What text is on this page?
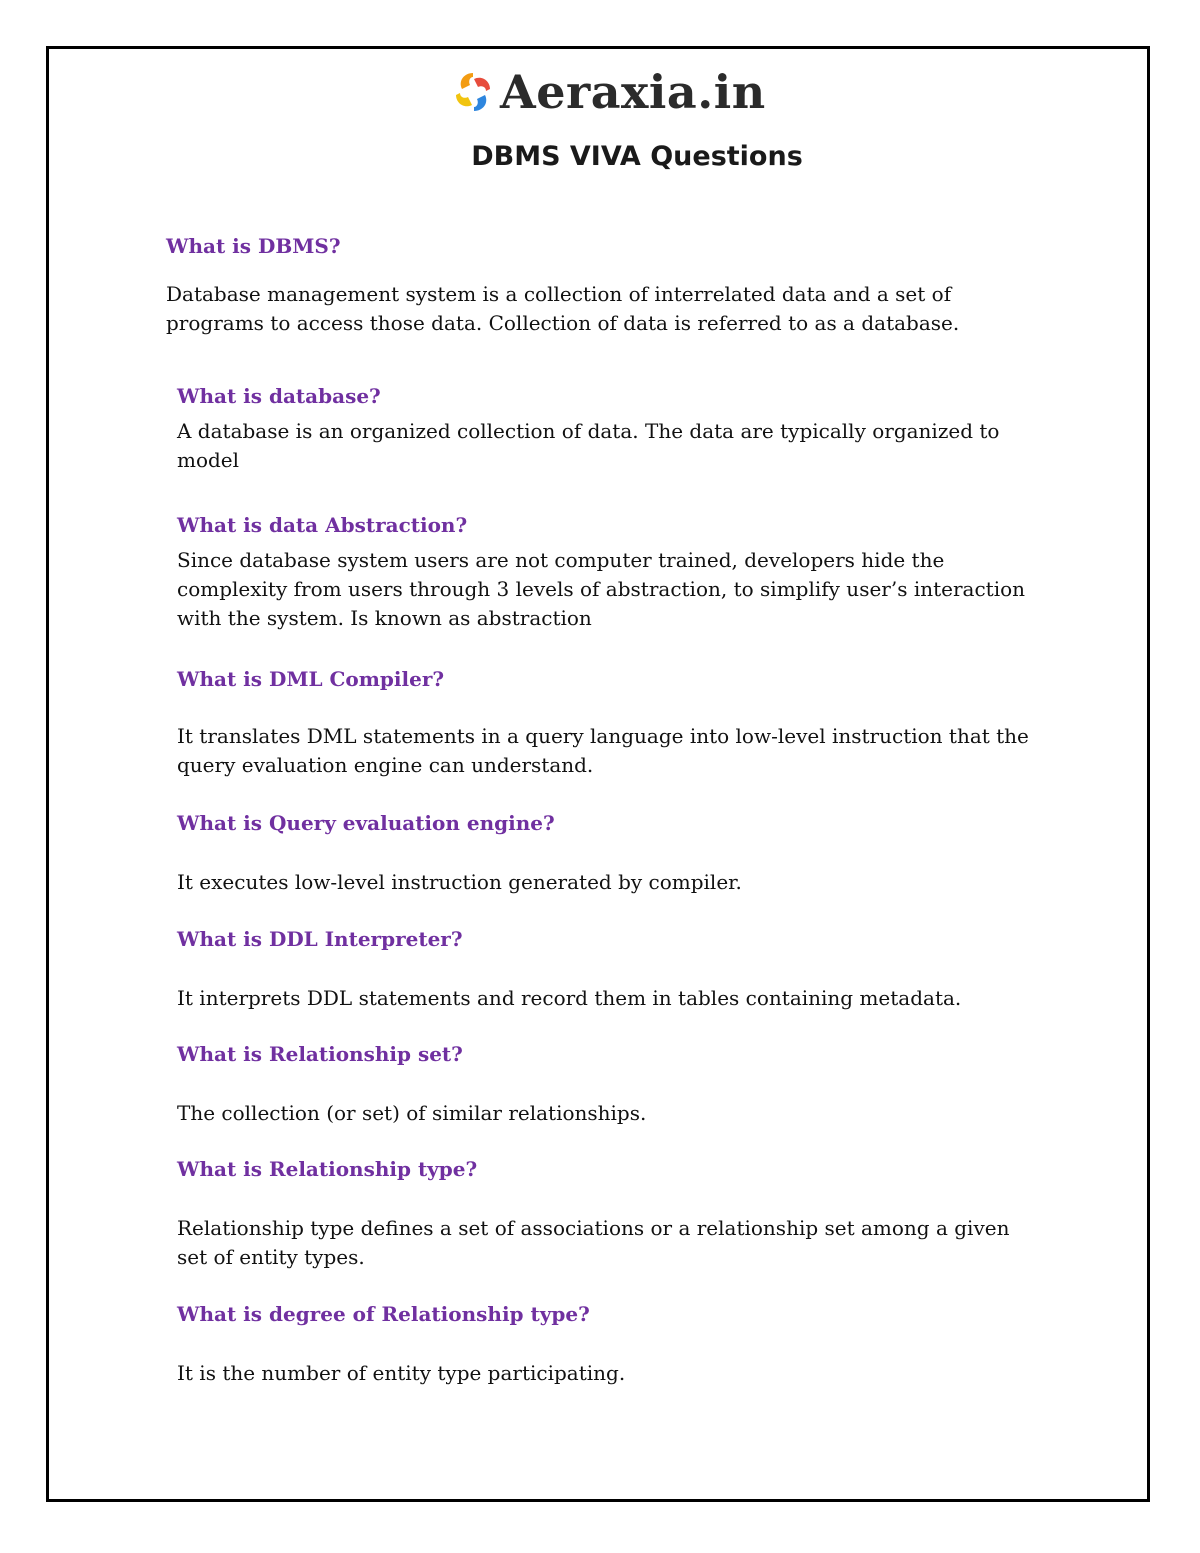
Aeraxia.in
DBMS VIVA Questions
What is DBMS?
Database management system is a collection of interrelated data and a set of programs to access those data. Collection of data is referred to as a database.
What is database?
A database is an organized collection of data. The data are typically organized to model
What is data Abstraction?
Since database system users are not computer trained, developers hide the complexity from users through 3 levels of abstraction, to simplify user’s interaction with the system. Is known as abstraction
What is DML Compiler?
It translates DML statements in a query language into low-level instruction that the query evaluation engine can understand.
What is Query evaluation engine?
It executes low-level instruction generated by compiler.
What is DDL Interpreter?
It interprets DDL statements and record them in tables containing metadata.
What is Relationship set?
The collection (or set) of similar relationships.
What is Relationship type?
Relationship type defines a set of associations or a relationship set among a given set of entity types.
What is degree of Relationship type?
It is the number of entity type participating.
